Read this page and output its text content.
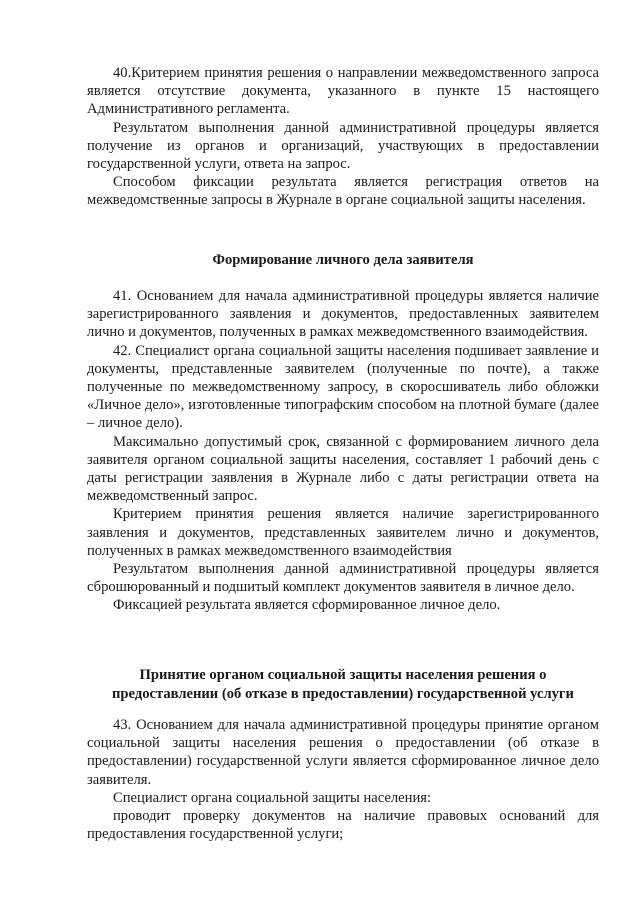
40.Критерием принятия решения о направлении межведомственного запроса является отсутствие документа, указанного в пункте 15 настоящего Административного регламента.

Результатом выполнения данной административной процедуры является получение из органов и организаций, участвующих в предоставлении государственной услуги, ответа на запрос.

Способом фиксации результата является регистрация ответов на межведомственные запросы в Журнале в органе социальной защиты населения.

Формирование личного дела заявителя

41. Основанием для начала административной процедуры является наличие зарегистрированного заявления и документов, предоставленных заявителем лично и документов, полученных в рамках межведомственного взаимодействия.

42. Специалист органа социальной защиты населения подшивает заявление и документы, представленные заявителем (полученные по почте), а также полученные по межведомственному запросу, в скоросшиватель либо обложки «Личное дело», изготовленные типографским способом на плотной бумаге (далее – личное дело).

Максимально допустимый срок, связанной с формированием личного дела заявителя органом социальной защиты населения, составляет 1 рабочий день с даты регистрации заявления в Журнале либо с даты регистрации ответа на межведомственный запрос.

Критерием принятия решения является наличие зарегистрированного заявления и документов, представленных заявителем лично и документов, полученных в рамках межведомственного взаимодействия

Результатом выполнения данной административной процедуры является сброшюрованный и подшитый комплект документов заявителя в личное дело.

Фиксацией результата является сформированное личное дело.

Принятие органом социальной защиты населения решения о
предоставлении (об отказе в предоставлении) государственной услуги

43. Основанием для начала административной процедуры принятие органом социальной защиты населения решения о предоставлении (об отказе в предоставлении) государственной услуги является сформированное личное дело заявителя.

Специалист органа социальной защиты населения:

проводит проверку документов на наличие правовых оснований для предоставления государственной услуги;
